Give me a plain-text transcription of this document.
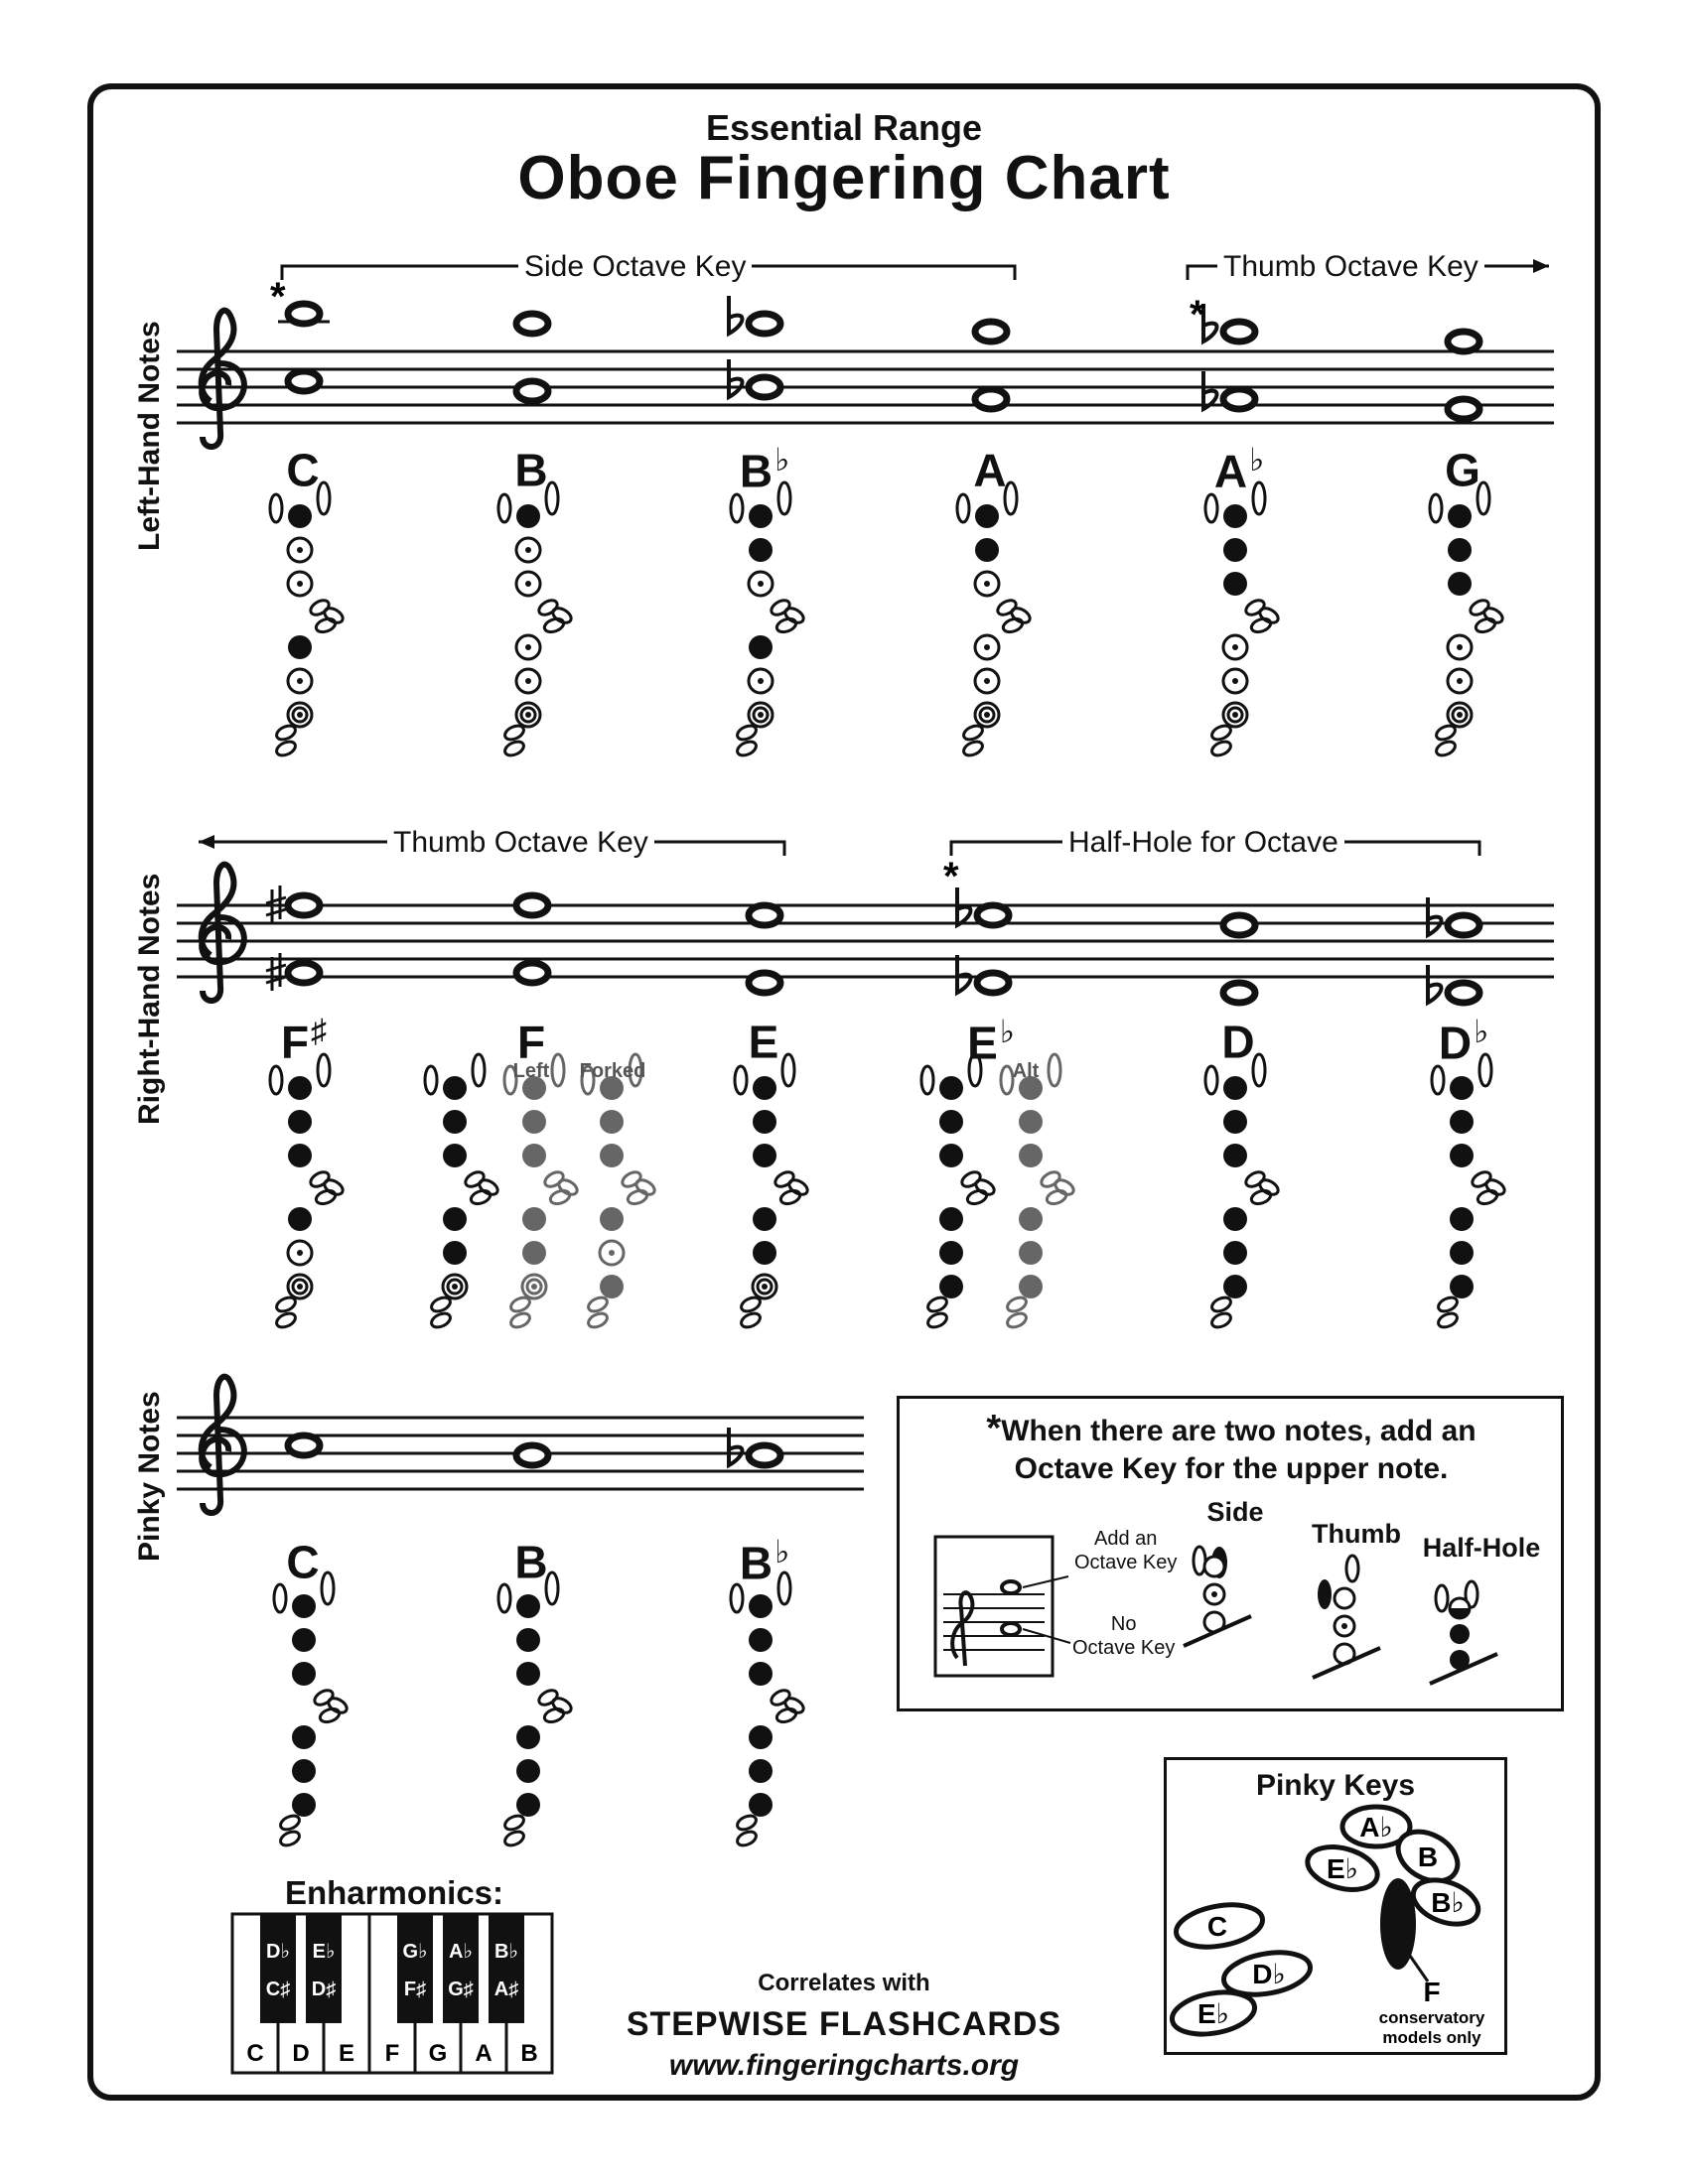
Essential Range
Oboe Fingering Chart
Left-Hand Notes
Right-Hand Notes
Pinky Notes
*	*
*
Side Octave Key	Thumb Octave Key
Thumb Octave Key	Half-Hole for Octave
C	B	B♭	A	A♭	G
F♯	F	E	E♭	D	D♭
Left	Forked	Alt
C	B	B♭
*When there are two notes, add an
Octave Key for the upper note.
Add an
Octave Key
No
Octave Key
Side
Thumb Half-Hole
Pinky Keys
A♭
B
E♭
B♭
C
D♭
E♭
F
conservatory
models only
Enharmonics:
C D E F G A B
D♭
C♯
E♭
D♯
G♭
F♯
A♭
G♯
B♭
A♯	Correlates with
STEPWISE FLASHCARDS
www.fingeringcharts.org
